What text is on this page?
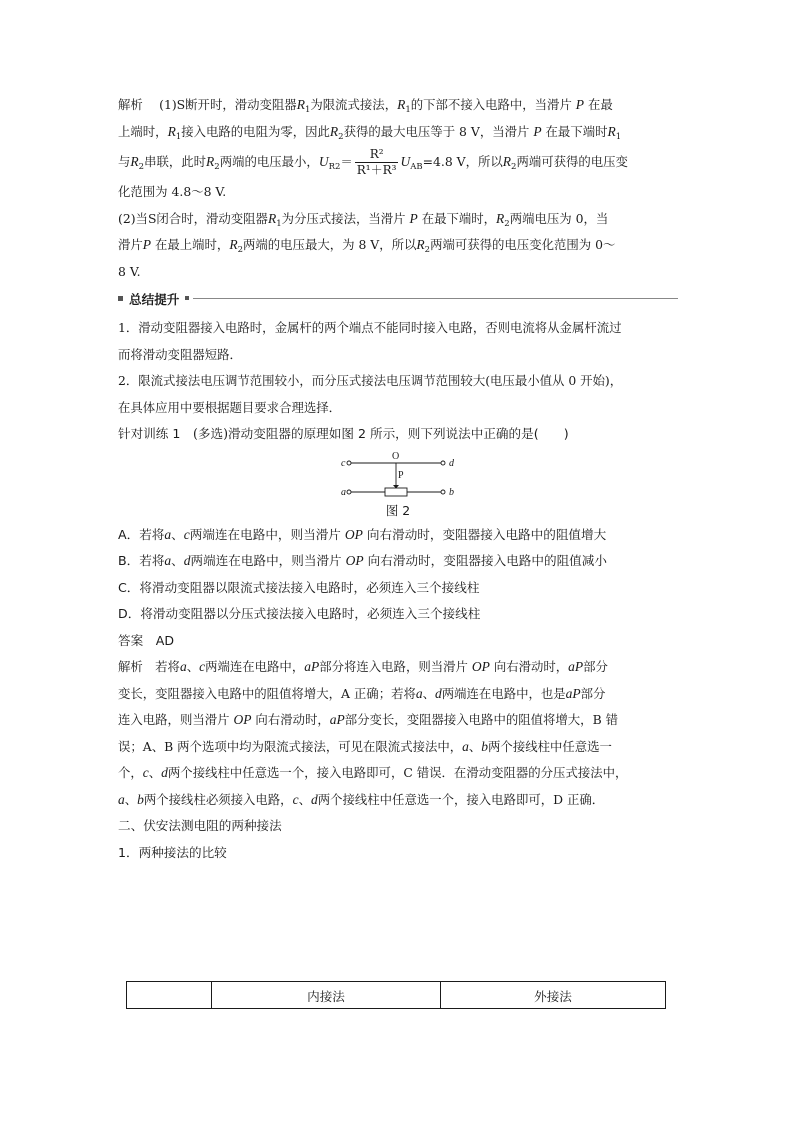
解析　 (1)S断开时，滑动变阻器$R_1$为限流式接法，$R_1$的下部不接入电路中，当滑片 P 在最
上端时，$R_1$接入电路的电阻为零，因此$R_2$获得的最大电压等于 8 V，当滑片 P 在最下端时$R_1$
与$R_2$串联，此时$R_2$两端的电压最小，$U_{R2}= \frac{\text{R²}}{\text{R¹＋R³}} U_{AB}=4.8$ V，所以$R_2$两端可获得的电压变
化范围为 4.8～8 V.
(2)当S闭合时，滑动变阻器$R_1$为分压式接法，当滑片 P 在最下端时，$R_2$两端电压为 0，当
滑片P 在最上端时，$R_2$两端的电压最大，为 8 V，所以$R_2$两端可获得的电压变化范围为 0～
8 V.
总结提升
1．滑动变阻器接入电路时，金属杆的两个端点不能同时接入电路，否则电流将从金属杆流过
而将滑动变阻器短路．
2．限流式接法电压调节范围较小，而分压式接法电压调节范围较大(电压最小值从 0 开始)，
在具体应用中要根据题目要求合理选择．
针对训练 1　 (多选)滑动变阻器的原理如图 2 所示，则下列说法中正确的是(　　)
c
O
d
P
a	b
图 2
A．若将a、c两端连在电路中，则当滑片 OP 向右滑动时，变阻器接入电路中的阻值增大
B．若将a、d两端连在电路中，则当滑片 OP 向右滑动时，变阻器接入电路中的阻值减小
C．将滑动变阻器以限流式接法接入电路时，必须连入三个接线柱
D．将滑动变阻器以分压式接法接入电路时，必须连入三个接线柱
答案　 AD
解析　 若将a、c两端连在电路中，aP部分将连入电路，则当滑片 OP 向右滑动时，aP部分
变长，变阻器接入电路中的阻值将增大，A 正确；若将a、d两端连在电路中，也是aP部分
连入电路，则当滑片 OP 向右滑动时，aP部分变长，变阻器接入电路中的阻值将增大，B 错
误；A、B 两个选项中均为限流式接法，可见在限流式接法中，a、b两个接线柱中任意选一
个，c、d两个接线柱中任意选一个，接入电路即可，C 错误．在滑动变阻器的分压式接法中，
a、b两个接线柱必须接入电路，c、d两个接线柱中任意选一个，接入电路即可，D 正确．
二、伏安法测电阻的两种接法
1．两种接法的比较
	内接法	外接法
